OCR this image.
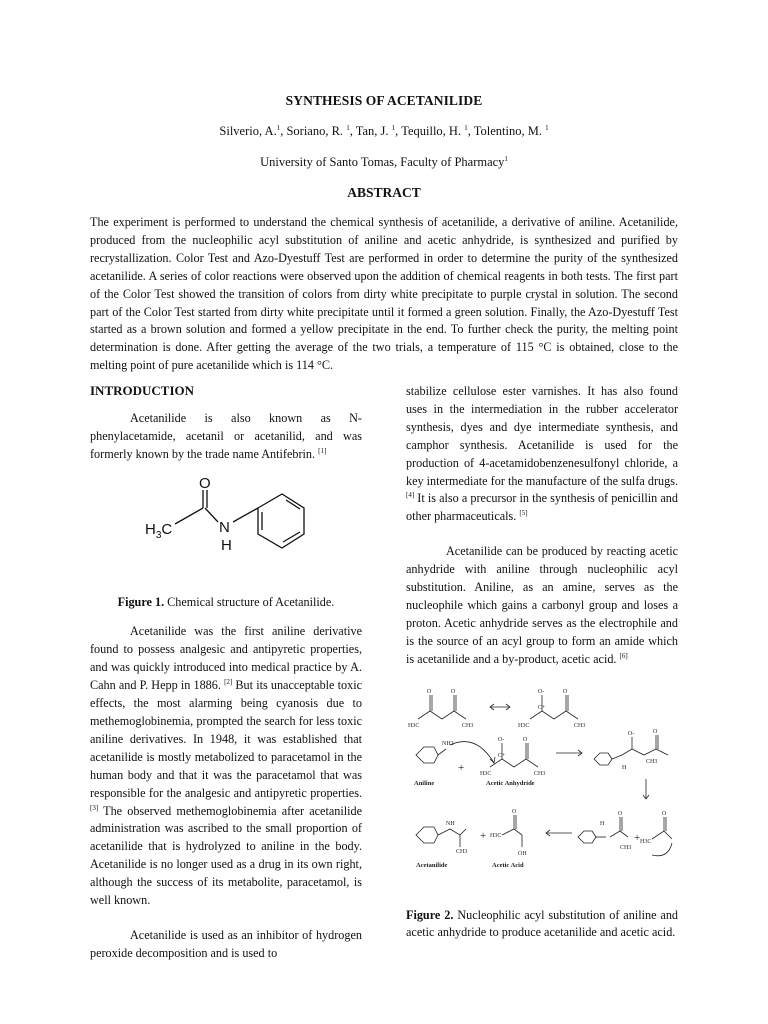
SYNTHESIS OF ACETANILIDE
Silverio, A.$^1$, Soriano, R. $^1$, Tan, J. $^1$, Tequillo, H. $^1$, Tolentino, M. $^1$
University of Santo Tomas, Faculty of Pharmacy$^1$
ABSTRACT
The experiment is performed to understand the chemical synthesis of acetanilide, a derivative of aniline. Acetanilide, produced from the nucleophilic acyl substitution of aniline and acetic anhydride, is synthesized and purified by recrystallization. Color Test and Azo-Dyestuff Test are performed in order to determine the purity of the synthesized acetanilide. A series of color reactions were observed upon the addition of chemical reagents in both tests. The first part of the Color Test showed the transition of colors from dirty white precipitate to purple crystal in solution. The second part of the Color Test started from dirty white precipitate until it formed a green solution. Finally, the Azo-Dyestuff Test started as a brown solution and formed a yellow precipitate in the end. To further check the purity, the melting point determination is done. After getting the average of the two trials, a temperature of 115 °C is obtained, close to the melting point of pure acetanilide which is 114 °C.
INTRODUCTION

Acetanilide is also known as N-phenylacetamide, acetanil or acetanilid, and was formerly known by the trade name Antifebrin. [1]

O
N
H
$H_3C$
Figure 1. Chemical structure of Acetanilide.

Acetanilide was the first aniline derivative found to possess analgesic and antipyretic properties, and was quickly introduced into medical practice by A. Cahn and P. Hepp in 1886. [2] But its unacceptable toxic effects, the most alarming being cyanosis due to methemoglobinemia, prompted the search for less toxic aniline derivatives. In 1948, it was established that acetanilide is mostly metabolized to paracetamol in the human body and that it was the paracetamol that was responsible for the analgesic and antipyretic properties. [3] The observed methemoglobinemia after acetanilide administration was ascribed to the small proportion of acetanilide that is hydrolyzed to aniline in the body. Acetanilide is no longer used as a drug in its own right, although the success of its metabolite, paracetamol, is well known.

Acetanilide is used as an inhibitor of hydrogen peroxide decomposition and is used to

stabilize cellulose ester varnishes. It has also found uses in the intermediation in the rubber accelerator synthesis, dyes and dye intermediate synthesis, and camphor synthesis. Acetanilide is used for the production of 4-acetamidobenzenesulfonyl chloride, a key intermediate for the manufacture of the sulfa drugs. [4] It is also a precursor in the synthesis of penicillin and other pharmaceuticals. [5]

Acetanilide can be produced by reacting acetic anhydride with aniline through nucleophilic acyl substitution. Aniline, as an amine, serves as the nucleophile which gains a carbonyl group and loses a proton. Acetic anhydride serves as the electrophile and is the source of an acyl group to form an amide which is acetanilide and a by-product, acetic acid. [6]

O	O
H3C	CH3
O-	O
H3C
C+
CH3
NH2
O-	O
H3C
C+
CH3
O-	O
H
CH3
NH
CH3
H3C
O
OH
H
O
CH3
H3C
O
+
+	+
Aniline	Acetic Anhydride
Acetanilide	Acetic Acid
Figure 2. Nucleophilic acyl substitution of aniline and acetic anhydride to produce acetanilide and acetic acid.
